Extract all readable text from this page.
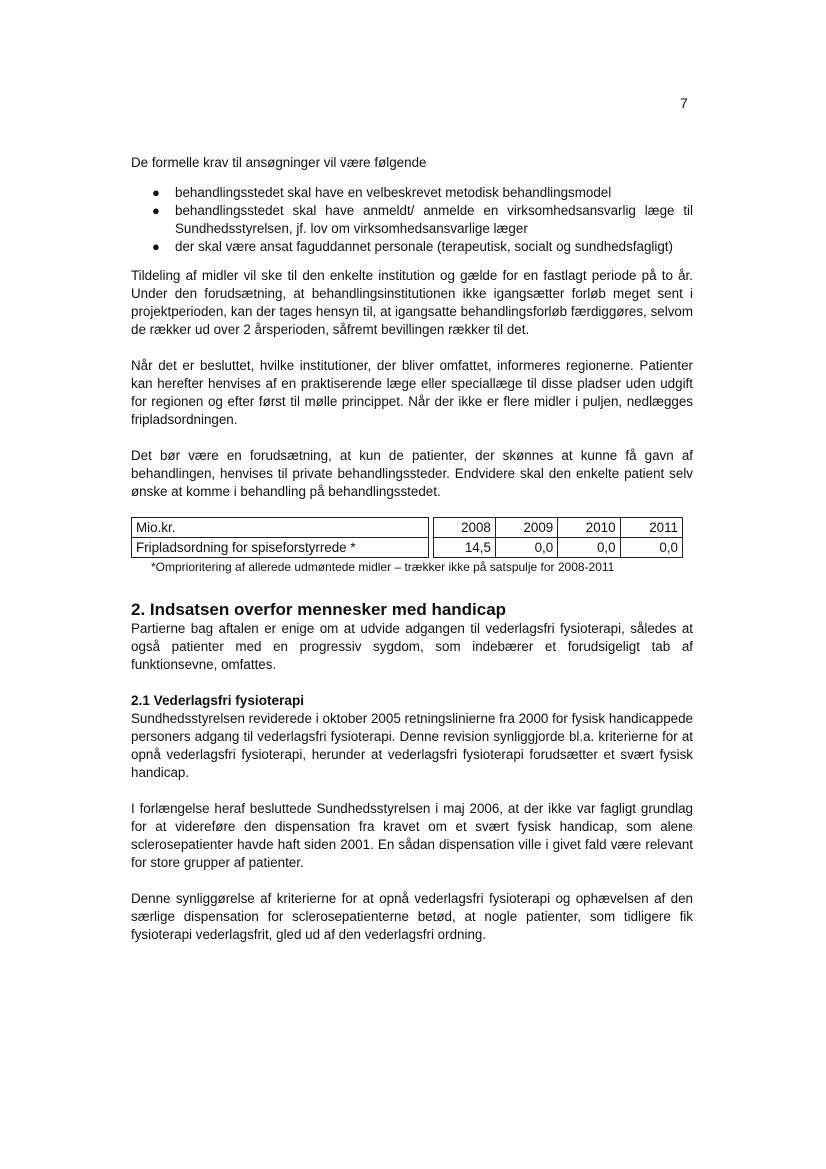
7

De formelle krav til ansøgninger vil være følgende

● behandlingsstedet skal have en velbeskrevet metodisk behandlingsmodel
● behandlingsstedet skal have anmeldt/ anmelde en virksomhedsansvarlig læge til Sundhedsstyrelsen, jf. lov om virksomhedsansvarlige læger
● der skal være ansat faguddannet personale (terapeutisk, socialt og sundhedsfagligt)

Tildeling af midler vil ske til den enkelte institution og gælde for en fastlagt periode på to år. Under den forudsætning, at behandlingsinstitutionen ikke igangsætter forløb meget sent i projektperioden, kan der tages hensyn til, at igangsatte behandlingsforløb færdiggøres, selvom de rækker ud over 2 årsperioden, såfremt bevillingen rækker til det.

Når det er besluttet, hvilke institutioner, der bliver omfattet, informeres regionerne. Patienter kan herefter henvises af en praktiserende læge eller speciallæge til disse pladser uden udgift for regionen og efter først til mølle princippet. Når der ikke er flere midler i puljen, nedlægges fripladsordningen.

Det bør være en forudsætning, at kun de patienter, der skønnes at kunne få gavn af behandlingen, henvises til private behandlingssteder. Endvidere skal den enkelte patient selv ønske at komme i behandling på behandlingsstedet.

Mio.kr.		2008	2009	2010	2011
Fripladsordning for spiseforstyrrede *		14,5	0,0	0,0	0,0

*Omprioritering af allerede udmøntede midler – trækker ikke på satspulje for 2008-2011

2. Indsatsen overfor mennesker med handicap

Partierne bag aftalen er enige om at udvide adgangen til vederlagsfri fysioterapi, således at også patienter med en progressiv sygdom, som indebærer et forudsigeligt tab af funktionsevne, omfattes.

2.1 Vederlagsfri fysioterapi

Sundhedsstyrelsen reviderede i oktober 2005 retningslinierne fra 2000 for fysisk handicappede personers adgang til vederlagsfri fysioterapi. Denne revision synliggjorde bl.a. kriterierne for at opnå vederlagsfri fysioterapi, herunder at vederlagsfri fysioterapi forudsætter et svært fysisk handicap.

I forlængelse heraf besluttede Sundhedsstyrelsen i maj 2006, at der ikke var fagligt grundlag for at videreføre den dispensation fra kravet om et svært fysisk handicap, som alene sclerosepatienter havde haft siden 2001. En sådan dispensation ville i givet fald være relevant for store grupper af patienter.

Denne synliggørelse af kriterierne for at opnå vederlagsfri fysioterapi og ophævelsen af den særlige dispensation for sclerosepatienterne betød, at nogle patienter, som tidligere fik fysioterapi vederlagsfrit, gled ud af den vederlagsfri ordning.
